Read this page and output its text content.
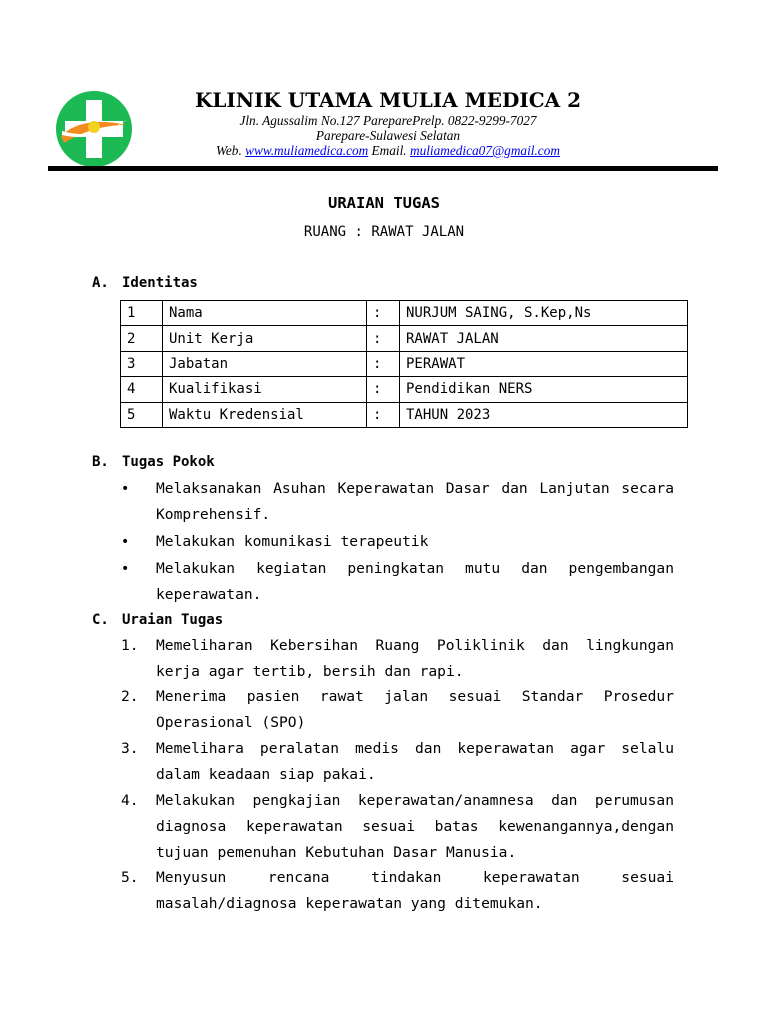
KLINIK UTAMA MULIA MEDICA 2
Jln. Agussalim No.127 PareparePrelp. 0822-9299-7027
Parepare-Sulawesi Selatan
Web. www.muliamedica.com Email. muliamedica07@gmail.com
URAIAN TUGAS
RUANG : RAWAT JALAN
A. Identitas
1	Nama	:	NURJUM SAING, S.Kep,Ns
2	Unit Kerja	:	RAWAT JALAN
3	Jabatan	:	PERAWAT
4	Kualifikasi	:	Pendidikan NERS
5	Waktu Kredensial	:	TAHUN 2023
B. Tugas Pokok
• Melaksanakan Asuhan Keperawatan Dasar dan Lanjutan secara Komprehensif.
• Melakukan komunikasi terapeutik
• Melakukan kegiatan peningkatan mutu dan pengembangan keperawatan.
C. Uraian Tugas
1. Memeliharan Kebersihan Ruang Poliklinik dan lingkungan kerja agar tertib, bersih dan rapi.
2. Menerima pasien rawat jalan sesuai Standar Prosedur Operasional (SPO)
3. Memelihara peralatan medis dan keperawatan agar selalu dalam keadaan siap pakai.
4. Melakukan pengkajian keperawatan/anamnesa dan perumusan diagnosa keperawatan sesuai batas kewenangannya,dengan tujuan pemenuhan Kebutuhan Dasar Manusia.
5. Menyusun rencana tindakan keperawatan sesuai masalah/diagnosa keperawatan yang ditemukan.
